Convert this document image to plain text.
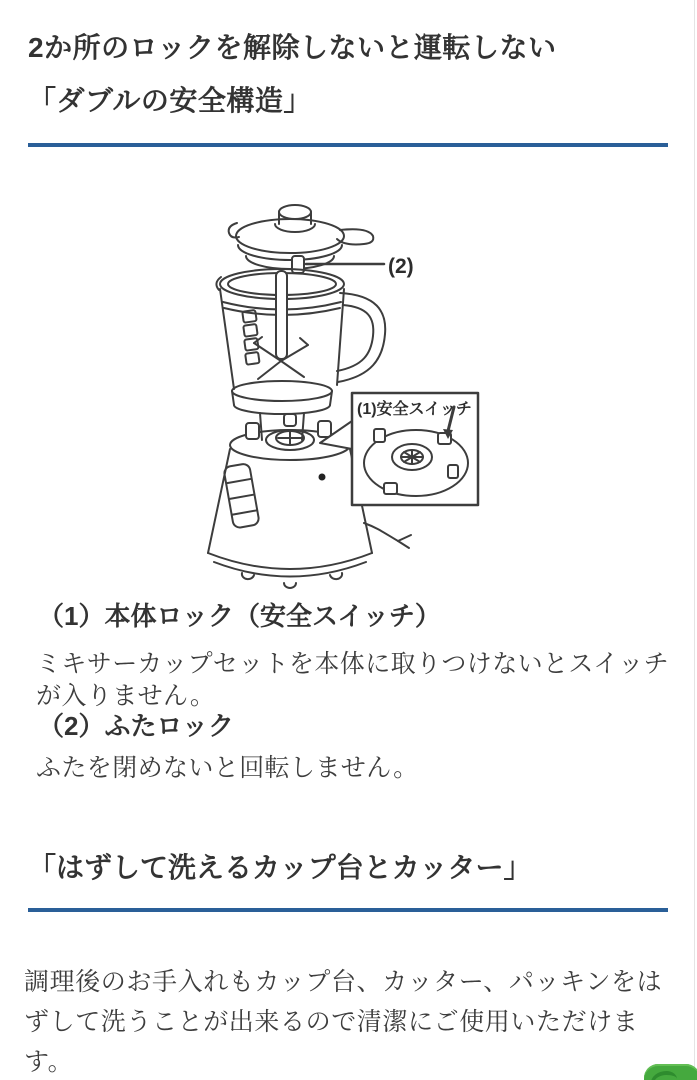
2か所のロックを解除しないと運転しない
「ダブルの安全構造」
(2)
(1)安全スイッチ
（1）本体ロック（安全スイッチ）
ミキサーカップセットを本体に取りつけないとスイッチ
が入りません。
（2）ふたロック
ふたを閉めないと回転しません。
「はずして洗えるカップ台とカッター」
調理後のお手入れもカップ台、カッター、パッキンをは
ずして洗うことが出来るので清潔にご使用いただけます。
